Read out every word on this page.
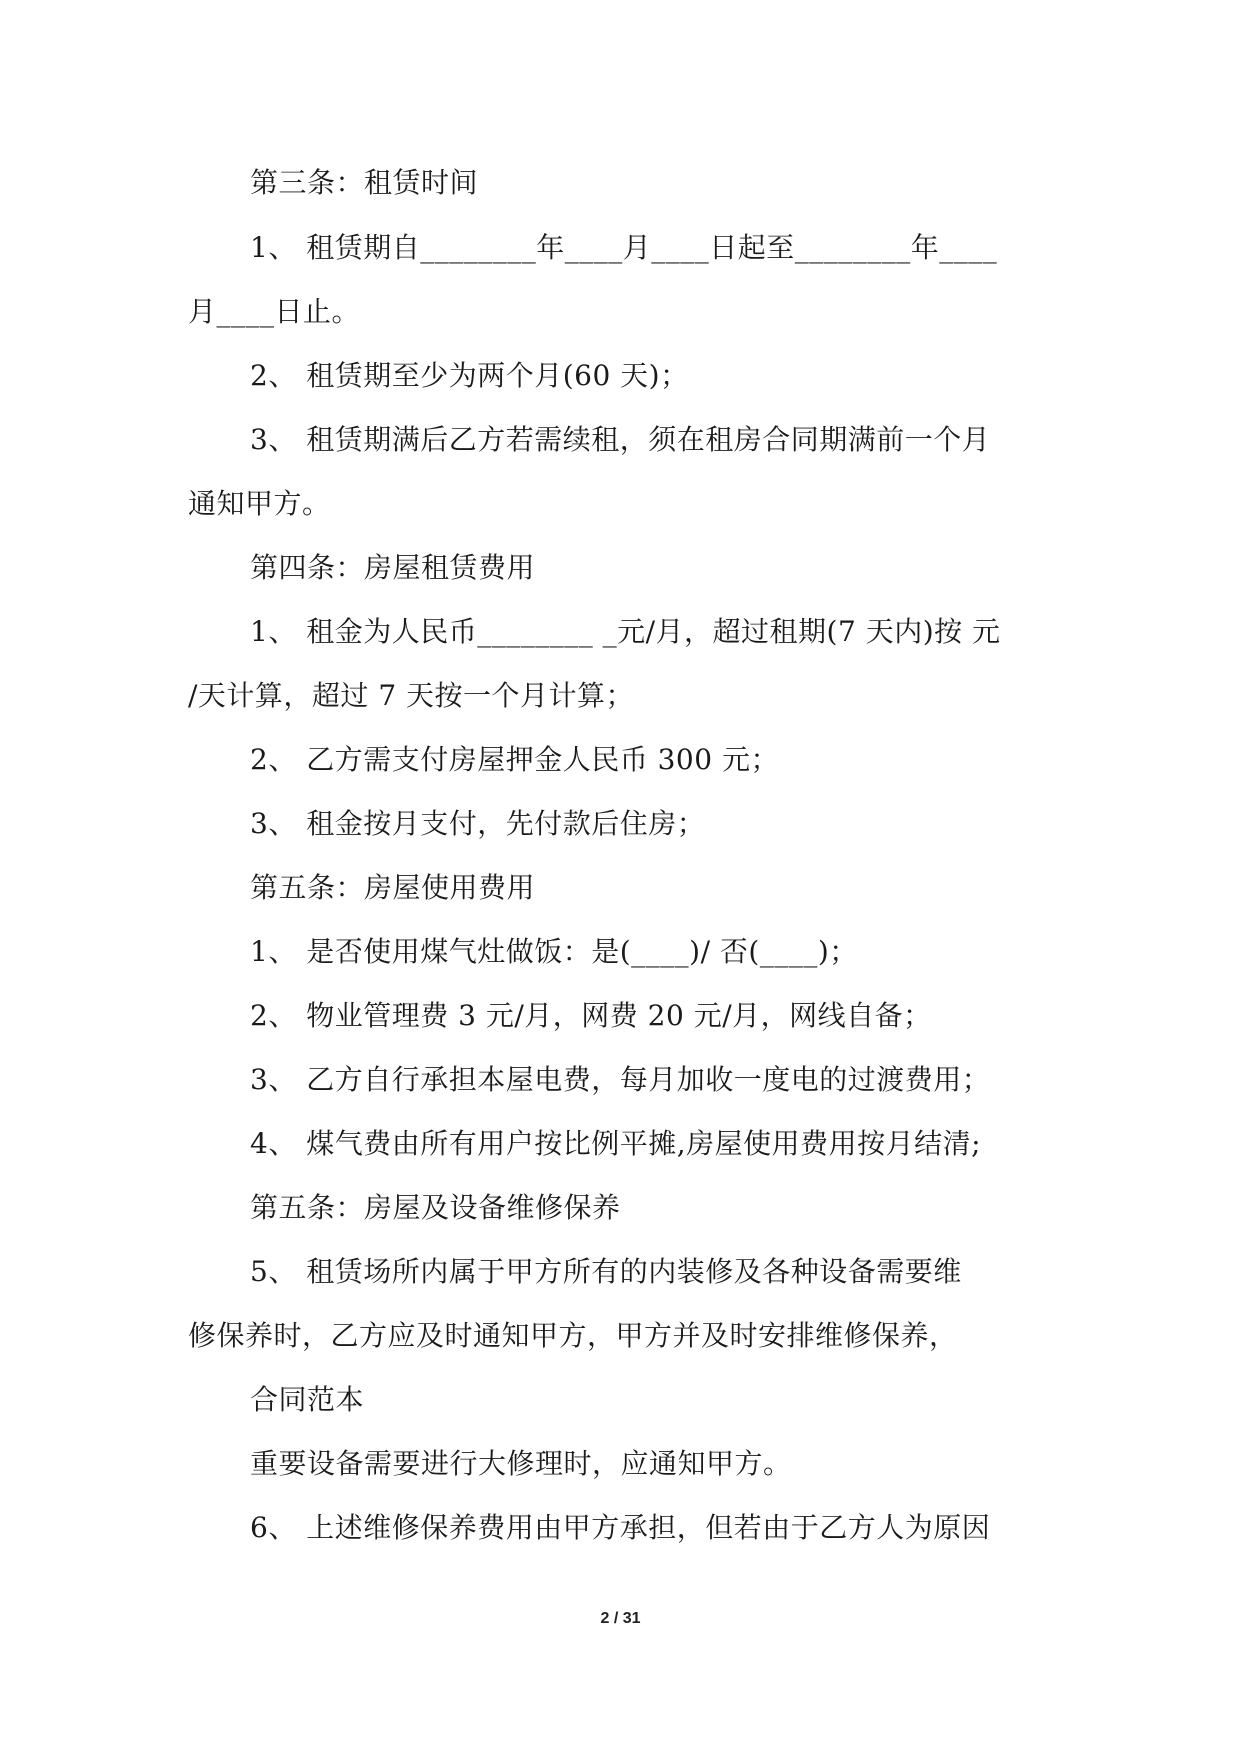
第三条：租赁时间
1、 租赁期自________年____月____日起至________年____
月____日止。
2、 租赁期至少为两个月(60 天)；
3、 租赁期满后乙方若需续租，须在租房合同期满前一个月
通知甲方。
第四条：房屋租赁费用
1、 租金为人民币________ _元/月，超过租期(7 天内)按 元
/天计算，超过 7 天按一个月计算；
2、 乙方需支付房屋押金人民币 300 元；
3、 租金按月支付，先付款后住房；
第五条：房屋使用费用
1、 是否使用煤气灶做饭：是(____)/ 否(____)；
2、 物业管理费 3 元/月，网费 20 元/月，网线自备；
3、 乙方自行承担本屋电费，每月加收一度电的过渡费用；
4、 煤气费由所有用户按比例平摊,房屋使用费用按月结清;
第五条：房屋及设备维修保养
5、 租赁场所内属于甲方所有的内装修及各种设备需要维
修保养时，乙方应及时通知甲方，甲方并及时安排维修保养，
合同范本
重要设备需要进行大修理时，应通知甲方。
6、 上述维修保养费用由甲方承担，但若由于乙方人为原因
2 / 31
